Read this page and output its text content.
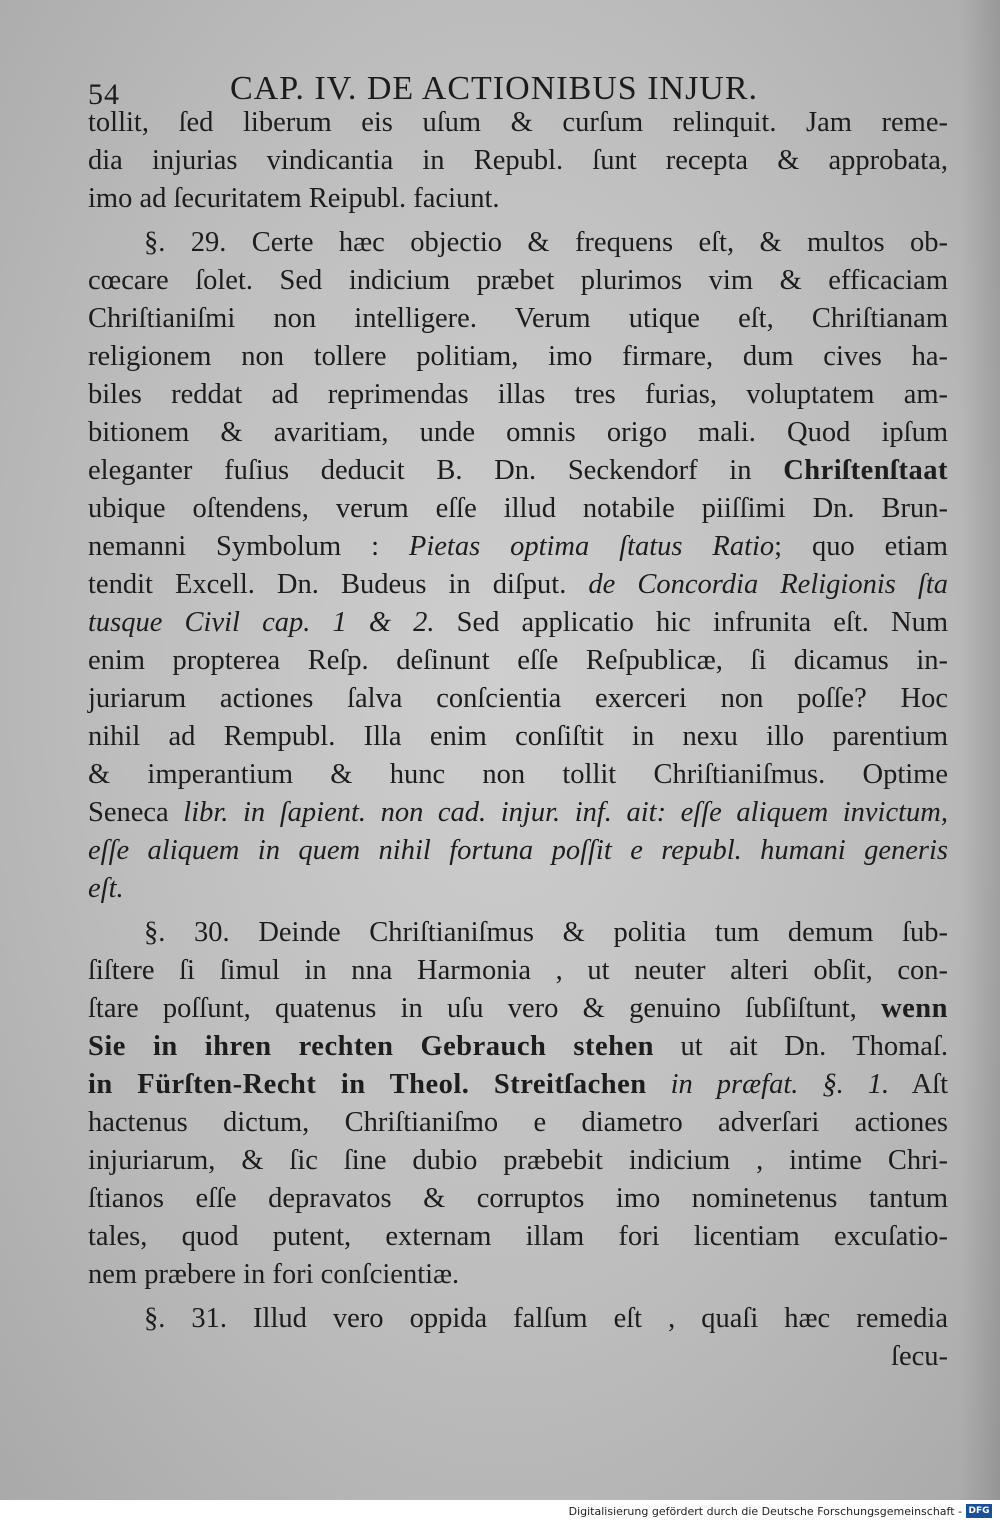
54	CAP. IV. DE ACTIONIBUS INJUR.
tollit, ſed liberum eis uſum & curſum relinquit. Jam reme-
dia injurias vindicantia in Republ. ſunt recepta & approbata,
imo ad ſecuritatem Reipubl. faciunt.
§. 29. Certe hæc objectio & frequens eſt, & multos ob-
cœcare ſolet. Sed indicium præbet plurimos vim & efficaciam
Chriſtianiſmi non intelligere. Verum utique eſt, Chriſtianam
religionem non tollere politiam, imo firmare, dum cives ha-
biles reddat ad reprimendas illas tres furias, voluptatem am-
bitionem & avaritiam, unde omnis origo mali. Quod ipſum
eleganter fuſius deducit B. Dn. Seckendorf in Chriſtenſtaat
ubique oſtendens, verum eſſe illud notabile piiſſimi Dn. Brun-
nemanni Symbolum : Pietas optima ſtatus Ratio; quo etiam
tendit Excell. Dn. Budeus in diſput. de Concordia Religionis ſta
tusque Civil cap. 1 & 2. Sed applicatio hic infrunita eſt. Num
enim propterea Reſp. deſinunt eſſe Reſpublicæ, ſi dicamus in-
juriarum actiones ſalva conſcientia exerceri non poſſe? Hoc
nihil ad Rempubl. Illa enim conſiſtit in nexu illo parentium
& imperantium & hunc non tollit Chriſtianiſmus. Optime
Seneca libr. in ſapient. non cad. injur. inf. ait: eſſe aliquem invictum,
eſſe aliquem in quem nihil fortuna poſſit e republ. humani generis
eſt.
§. 30. Deinde Chriſtianiſmus & politia tum demum ſub-
ſiſtere ſi ſimul in nna Harmonia , ut neuter alteri obſit, con-
ſtare poſſunt, quatenus in uſu vero & genuino ſubſiſtunt, wenn
Sie in ihren rechten Gebrauch stehen ut ait Dn. Thomaſ.
in Fürſten-Recht in Theol. Streitſachen in præfat. §. 1. Aſt
hactenus dictum, Chriſtianiſmo e diametro adverſari actiones
injuriarum, & ſic ſine dubio præbebit indicium , intime Chri-
ſtianos eſſe depravatos & corruptos imo nominetenus tantum
tales, quod putent, externam illam fori licentiam excuſatio-
nem præbere in fori conſcientiæ.
§. 31. Illud vero oppida falſum eſt , quaſi hæc remedia
ſecu-
Digitalisierung gefördert durch die Deutsche Forschungsgemeinschaft - DFG
